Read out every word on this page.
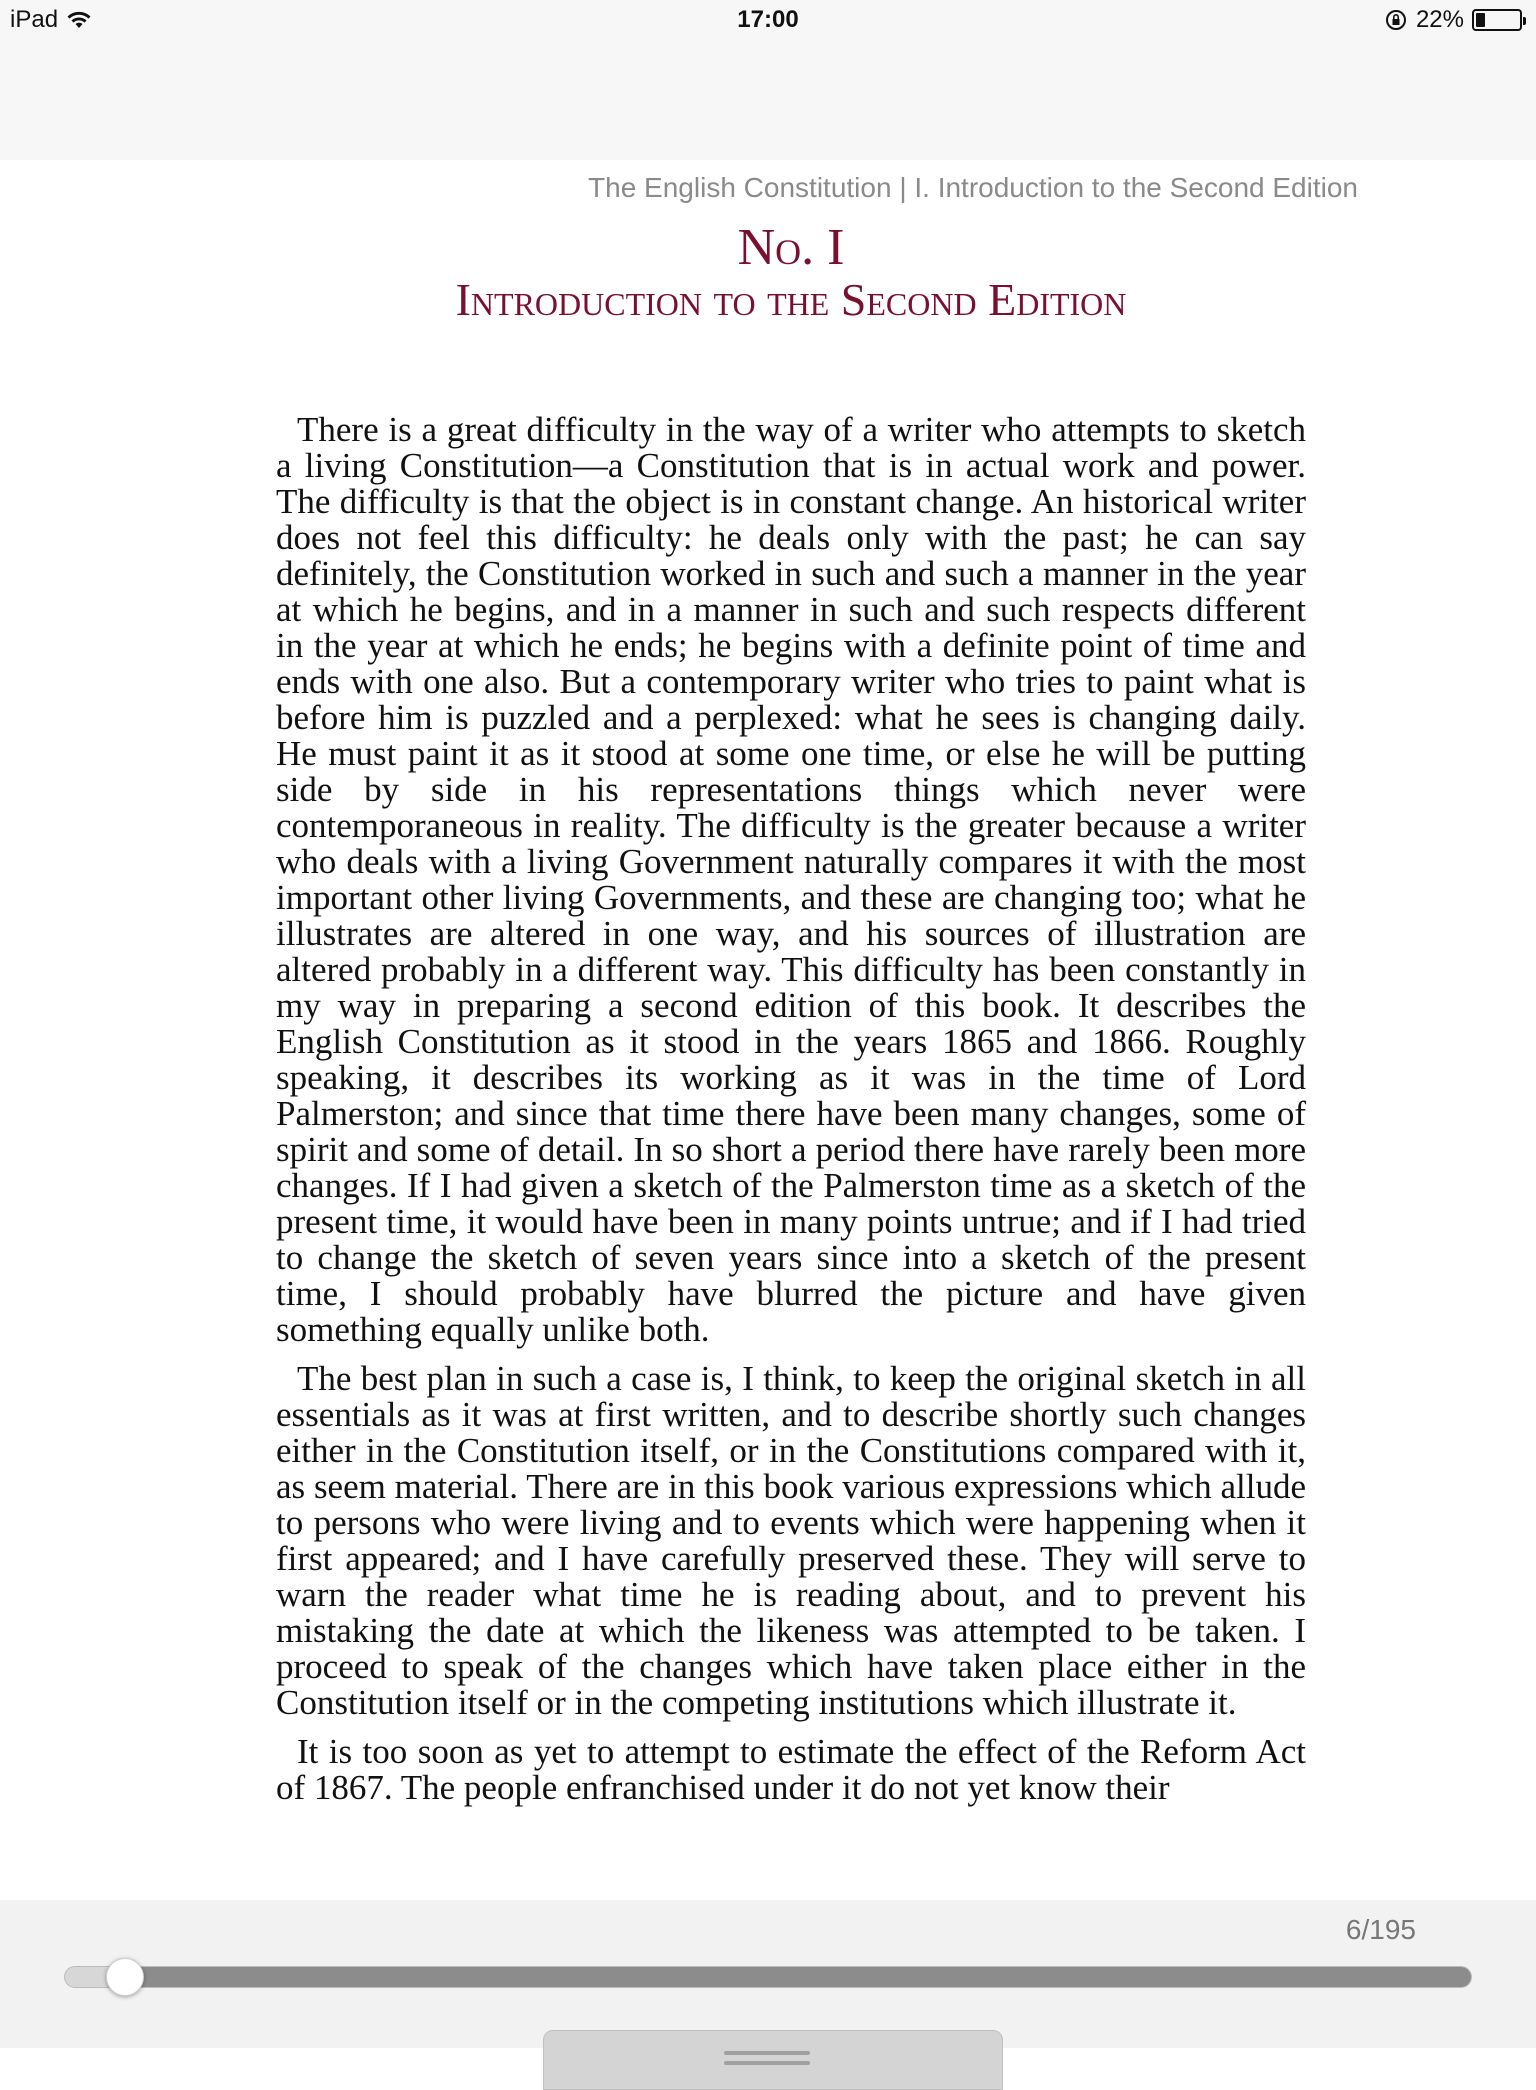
iPad	17:00	22%
The English Constitution | I. Introduction to the Second Edition
No. I
Introduction to the Second Edition

There is a great difficulty in the way of a writer who attempts to sketch a living Constitution—a Constitution that is in actual work and power. The difficulty is that the object is in constant change. An historical writer does not feel this difficulty: he deals only with the past; he can say definitely, the Constitution worked in such and such a manner in the year at which he begins, and in a manner in such and such respects different in the year at which he ends; he begins with a definite point of time and ends with one also. But a contemporary writer who tries to paint what is before him is puzzled and a perplexed: what he sees is changing daily. He must paint it as it stood at some one time, or else he will be putting side by side in his representations things which never were contemporaneous in reality. The difficulty is the greater because a writer who deals with a living Government naturally compares it with the most important other living Governments, and these are changing too; what he illustrates are altered in one way, and his sources of illustration are altered probably in a different way. This difficulty has been constantly in my way in preparing a second edition of this book. It describes the English Constitution as it stood in the years 1865 and 1866. Roughly speaking, it describes its working as it was in the time of Lord Palmerston; and since that time there have been many changes, some of spirit and some of detail. In so short a period there have rarely been more changes. If I had given a sketch of the Palmerston time as a sketch of the present time, it would have been in many points untrue; and if I had tried to change the sketch of seven years since into a sketch of the present time, I should probably have blurred the picture and have given something equally unlike both.

The best plan in such a case is, I think, to keep the original sketch in all essentials as it was at first written, and to describe shortly such changes either in the Constitution itself, or in the Constitutions compared with it, as seem material. There are in this book various expressions which allude to persons who were living and to events which were happening when it first appeared; and I have carefully preserved these. They will serve to warn the reader what time he is reading about, and to prevent his mistaking the date at which the likeness was attempted to be taken. I proceed to speak of the changes which have taken place either in the Constitution itself or in the competing institutions which illustrate it.

It is too soon as yet to attempt to estimate the effect of the Reform Act of 1867. The people enfranchised under it do not yet know their

6/195
